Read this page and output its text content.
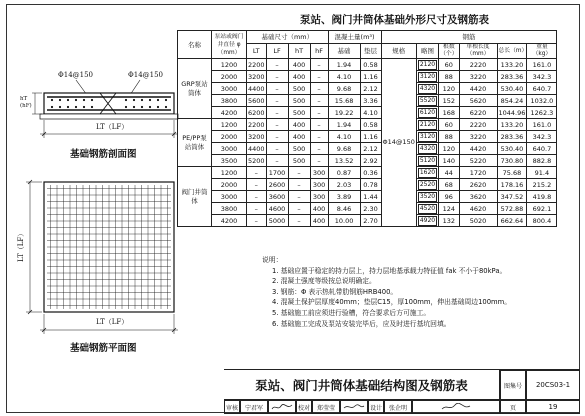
Φ14@150	Φ14@150
hT
(hF)
LT（LF）
基础钢筋剖面图
LT（LF）
LT（LF）
基础钢筋平面图
泵站、阀门井筒体基础外形尺寸及钢筋表
名称	泵站或阀门井直径 φ（mm）	基础尺寸（mm）				混凝土量(m³)		钢筋					
		LT	LF	hT	hF	基础	垫层	规格	略图	根数（个）	单根长度（mm）	总长（m）	重量（kg）
GRP泵站筒体	1200	2200	–	400	–	1.94	0.58	Φ14@150	2120	60	2220	133.20	161.0
	2000	3200	–	400	–	4.10	1.16		3120	88	3220	283.36	342.3
	3000	4400	–	500	–	9.68	2.12		4320	120	4420	530.40	640.7
	3800	5600	–	500	–	15.68	3.36		5520	152	5620	854.24	1032.0
	4200	6200	–	500	–	19.22	4.10		6120	168	6220	1044.96	1262.3
PE/PP泵站筒体	1200	2200	–	400	–	1.94	0.58		2120	60	2220	133.20	161.0
	2000	3200	–	400	–	4.10	1.16		3120	88	3220	283.36	342.3
	3000	4400	–	500	–	9.68	2.12		4320	120	4420	530.40	640.7
	3500	5200	–	500	–	13.52	2.92		5120	140	5220	730.80	882.8
阀门井筒体	1200	–	1700	–	300	0.87	0.36		1620	44	1720	75.68	91.4
	2000	–	2600	–	300	2.03	0.78		2520	68	2620	178.16	215.2
	3000	–	3600	–	300	3.89	1.44		3520	96	3620	347.52	419.8
	3800	–	4600	–	400	8.46	2.30		4520	124	4620	572.88	692.1
	4200	–	5000	–	400	10.00	2.70		4920	132	5020	662.64	800.4
说明：
1. 基础应置于稳定的持力层上，持力层地基承载力特征值 fak 不小于80kPa。
2. 混凝土强度等级按总说明确定。
3. 钢筋：Φ 表示热轧带肋钢筋HRB400。
4. 混凝土保护层厚度40mm；垫层C15，厚100mm，伸出基础周边100mm。
5. 基础施工前应须进行验槽，符合要求后方可施工。
6. 基础施工完成及泵站安装完毕后，应及时进行基坑回填。
泵站、阀门井筒体基础结构图及钢筋表	图集号	20CS03-1
审核	宁君军	校对	郑莹莹	设计	张企明	页	19
